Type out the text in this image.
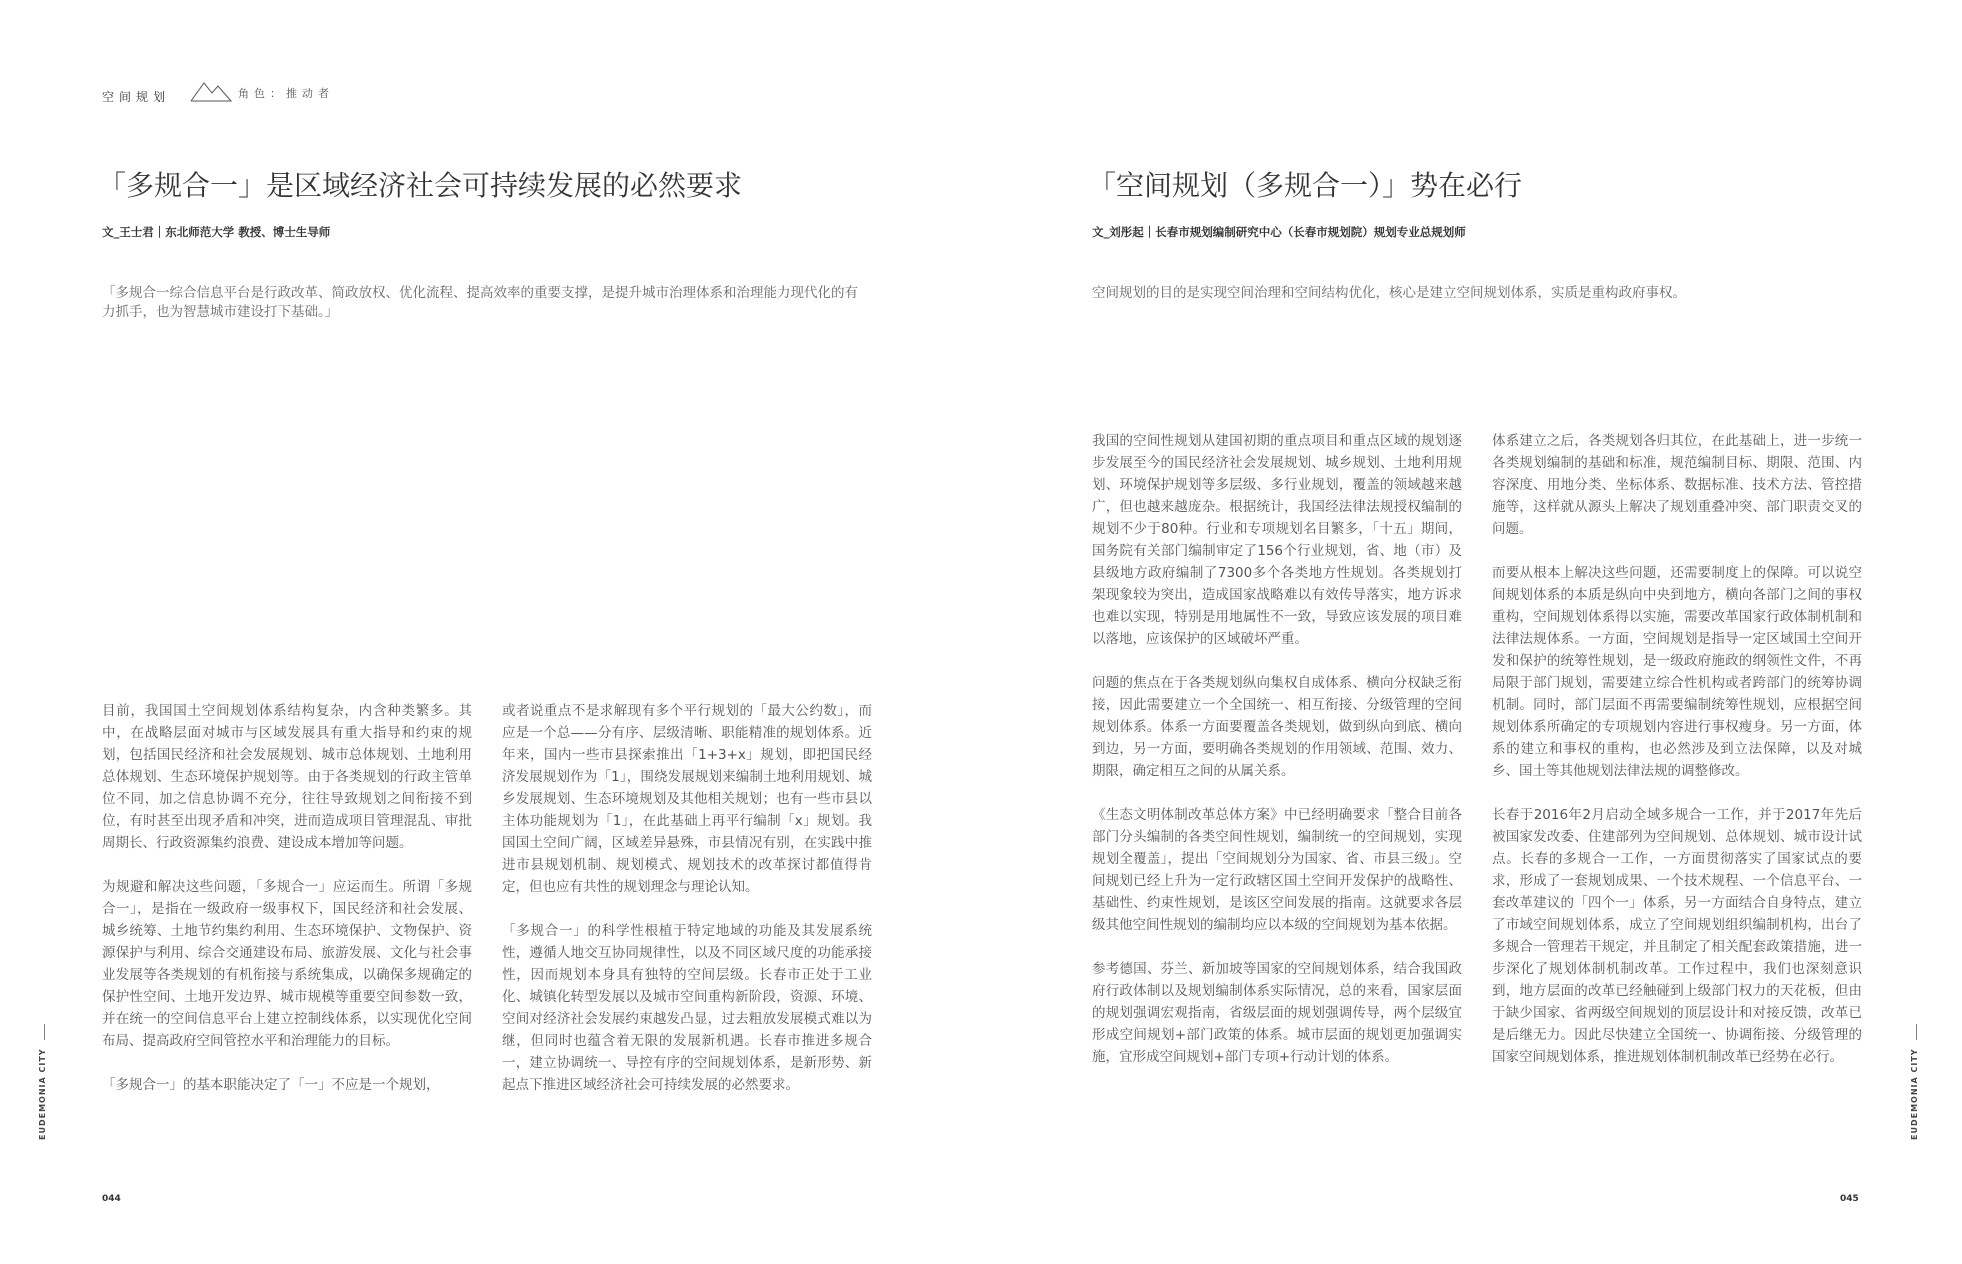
空间规划	角色：推动者
「多规合一」是区域经济社会可持续发展的必然要求
文_王士君｜东北师范大学 教授、博士生导师
「多规合一综合信息平台是行政改革、简政放权、优化流程、提高效率的重要支撑，是提升城市治理体系和治理能力现代化的有力抓手，也为智慧城市建设打下基础。」

目前，我国国土空间规划体系结构复杂，内含种类繁多。其中，在战略层面对城市与区域发展具有重大指导和约束的规划，包括国民经济和社会发展规划、城市总体规划、土地利用总体规划、生态环境保护规划等。由于各类规划的行政主管单位不同，加之信息协调不充分，往往导致规划之间衔接不到位，有时甚至出现矛盾和冲突，进而造成项目管理混乱、审批周期长、行政资源集约浪费、建设成本增加等问题。

为规避和解决这些问题，「多规合一」应运而生。所谓「多规合一」，是指在一级政府一级事权下，国民经济和社会发展、城乡统筹、土地节约集约利用、生态环境保护、文物保护、资源保护与利用、综合交通建设布局、旅游发展、文化与社会事业发展等各类规划的有机衔接与系统集成，以确保多规确定的保护性空间、土地开发边界、城市规模等重要空间参数一致，并在统一的空间信息平台上建立控制线体系，以实现优化空间布局、提高政府空间管控水平和治理能力的目标。

「多规合一」的基本职能决定了「一」不应是一个规划，

或者说重点不是求解现有多个平行规划的「最大公约数」，而应是一个总——分有序、层级清晰、职能精准的规划体系。近年来，国内一些市县探索推出「1+3+x」规划，即把国民经济发展规划作为「1」，围绕发展规划来编制土地利用规划、城乡发展规划、生态环境规划及其他相关规划；也有一些市县以主体功能规划为「1」，在此基础上再平行编制「x」规划。我国国土空间广阔，区域差异悬殊，市县情况有别，在实践中推进市县规划机制、规划模式、规划技术的改革探讨都值得肯定，但也应有共性的规划理念与理论认知。

「多规合一」的科学性根植于特定地域的功能及其发展系统性，遵循人地交互协同规律性，以及不同区域尺度的功能承接性，因而规划本身具有独特的空间层级。长春市正处于工业化、城镇化转型发展以及城市空间重构新阶段，资源、环境、空间对经济社会发展约束越发凸显，过去粗放发展模式难以为继，但同时也蕴含着无限的发展新机遇。长春市推进多规合一，建立协调统一、导控有序的空间规划体系，是新形势、新起点下推进区域经济社会可持续发展的必然要求。

「空间规划（多规合一）」势在必行
文_刘彤起｜长春市规划编制研究中心（长春市规划院）规划专业总规划师
空间规划的目的是实现空间治理和空间结构优化，核心是建立空间规划体系，实质是重构政府事权。

我国的空间性规划从建国初期的重点项目和重点区域的规划逐步发展至今的国民经济社会发展规划、城乡规划、土地利用规划、环境保护规划等多层级、多行业规划，覆盖的领域越来越广，但也越来越庞杂。根据统计，我国经法律法规授权编制的规划不少于80种。行业和专项规划名目繁多，「十五」期间，国务院有关部门编制审定了156个行业规划，省、地（市）及县级地方政府编制了7300多个各类地方性规划。各类规划打架现象较为突出，造成国家战略难以有效传导落实，地方诉求也难以实现，特别是用地属性不一致，导致应该发展的项目难以落地，应该保护的区域破坏严重。

问题的焦点在于各类规划纵向集权自成体系、横向分权缺乏衔接，因此需要建立一个全国统一、相互衔接、分级管理的空间规划体系。体系一方面要覆盖各类规划，做到纵向到底、横向到边，另一方面，要明确各类规划的作用领域、范围、效力、期限，确定相互之间的从属关系。

《生态文明体制改革总体方案》中已经明确要求「整合目前各部门分头编制的各类空间性规划，编制统一的空间规划，实现规划全覆盖」，提出「空间规划分为国家、省、市县三级」。空间规划已经上升为一定行政辖区国土空间开发保护的战略性、基础性、约束性规划，是该区空间发展的指南。这就要求各层级其他空间性规划的编制均应以本级的空间规划为基本依据。

参考德国、芬兰、新加坡等国家的空间规划体系，结合我国政府行政体制以及规划编制体系实际情况，总的来看，国家层面的规划强调宏观指南，省级层面的规划强调传导，两个层级宜形成空间规划+部门政策的体系。城市层面的规划更加强调实施，宜形成空间规划+部门专项+行动计划的体系。

体系建立之后，各类规划各归其位，在此基础上，进一步统一各类规划编制的基础和标准，规范编制目标、期限、范围、内容深度、用地分类、坐标体系、数据标准、技术方法、管控措施等，这样就从源头上解决了规划重叠冲突、部门职责交叉的问题。

而要从根本上解决这些问题，还需要制度上的保障。可以说空间规划体系的本质是纵向中央到地方，横向各部门之间的事权重构，空间规划体系得以实施，需要改革国家行政体制机制和法律法规体系。一方面，空间规划是指导一定区域国土空间开发和保护的统筹性规划，是一级政府施政的纲领性文件，不再局限于部门规划，需要建立综合性机构或者跨部门的统筹协调机制。同时，部门层面不再需要编制统筹性规划，应根据空间规划体系所确定的专项规划内容进行事权瘦身。另一方面，体系的建立和事权的重构，也必然涉及到立法保障，以及对城乡、国土等其他规划法律法规的调整修改。

长春于2016年2月启动全域多规合一工作，并于2017年先后被国家发改委、住建部列为空间规划、总体规划、城市设计试点。长春的多规合一工作，一方面贯彻落实了国家试点的要求，形成了一套规划成果、一个技术规程、一个信息平台、一套改革建议的「四个一」体系，另一方面结合自身特点，建立了市域空间规划体系，成立了空间规划组织编制机构，出台了多规合一管理若干规定，并且制定了相关配套政策措施，进一步深化了规划体制机制改革。工作过程中，我们也深刻意识到，地方层面的改革已经触碰到上级部门权力的天花板，但由于缺少国家、省两级空间规划的顶层设计和对接反馈，改革已是后继无力。因此尽快建立全国统一、协调衔接、分级管理的国家空间规划体系，推进规划体制机制改革已经势在必行。

EUDEMONIA CITY	EUDEMONIA CITY
044	045
